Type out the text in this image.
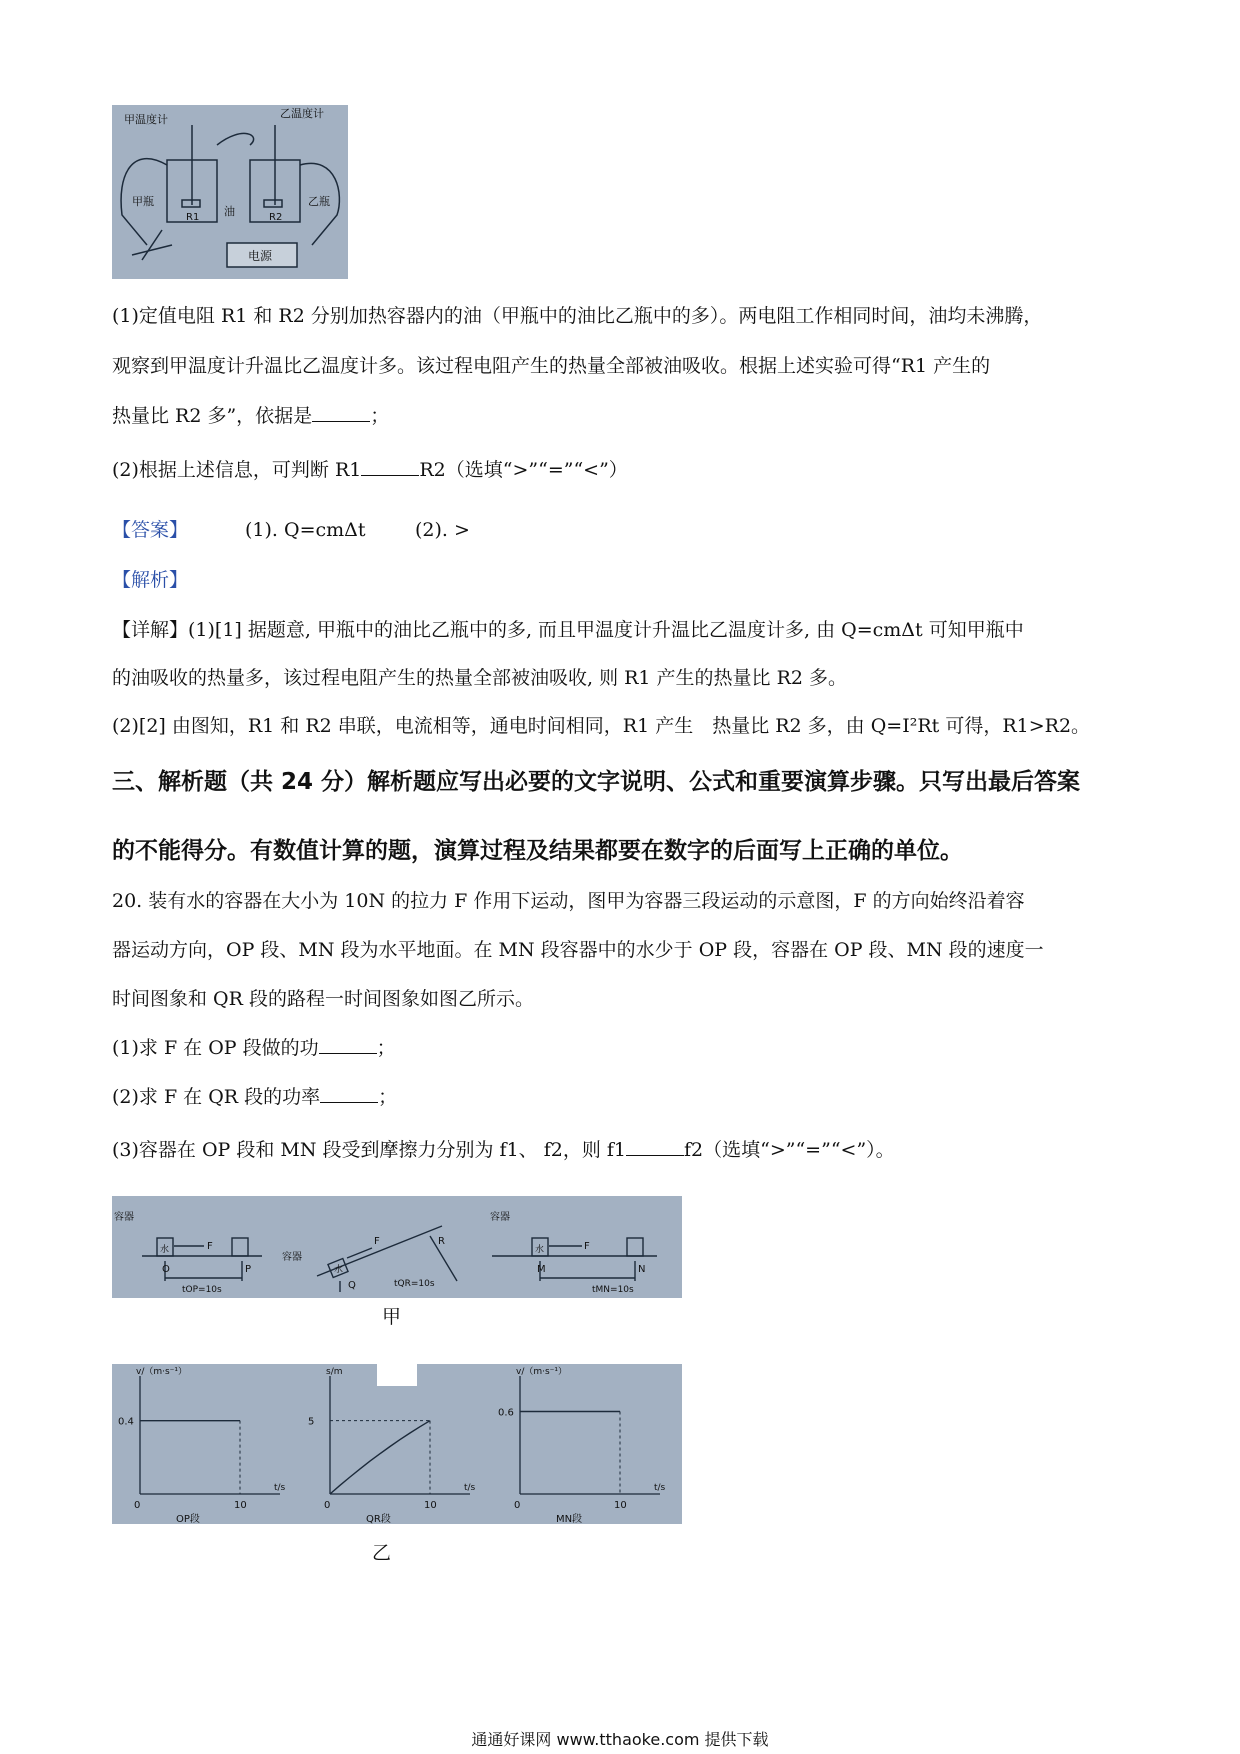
甲温度计	乙温度计
甲瓶	乙瓶
油
R1	R2
电源
(1)定值电阻 R1 和 R2 分别加热容器内的油（甲瓶中的油比乙瓶中的多）。两电阻工作相同时间，油均未沸腾，
观察到甲温度计升温比乙温度计多。该过程电阻产生的热量全部被油吸收。根据上述实验可得“R1 产生的
热量比 R2 多”，依据是	；
(2)根据上述信息，可判断 R1	R2（选填“>”“=”“<”）
【答案】	(1). Q=cmΔt	(2). >
【解析】
【详解】(1)[1] 据题意, 甲瓶中的油比乙瓶中的多, 而且甲温度计升温比乙温度计多, 由 Q=cmΔt 可知甲瓶中
的油吸收的热量多，该过程电阻产生的热量全部被油吸收, 则 R1 产生的热量比 R2 多。
(2)[2] 由图知，R1 和 R2 串联，电流相等，通电时间相同，R1 产生　热量比 R2 多，由 Q=I²Rt 可得，R1>R2。
三、解析题（共 24 分）解析题应写出必要的文字说明、公式和重要演算步骤。只写出最后答案
的不能得分。有数值计算的题，演算过程及结果都要在数字的后面写上正确的单位。
20. 装有水的容器在大小为 10N 的拉力 F 作用下运动，图甲为容器三段运动的示意图，F 的方向始终沿着容
器运动方向，OP 段、MN 段为水平地面。在 MN 段容器中的水少于 OP 段，容器在 OP 段、MN 段的速度一
时间图象和 QR 段的路程一时间图象如图乙所示。
(1)求 F 在 OP 段做的功	；
(2)求 F 在 QR 段的功率	；
(3)容器在 OP 段和 MN 段受到摩擦力分别为 f1、 f2，则 f1	f2（选填“>”“=”“<”）。
容器
水	F
O	P
tOP=10s
容器
水
F
Q
R
tQR=10s
容器
水	F
M	N
tMN=10s
甲
v/（m·s⁻¹）
t/s
0	10
0.4
OP段
s/m
t/s
0	10
5
QR段
v/（m·s⁻¹）
t/s
0	10
0.6
MN段
乙
通通好课网 www.tthaoke.com 提供下载
